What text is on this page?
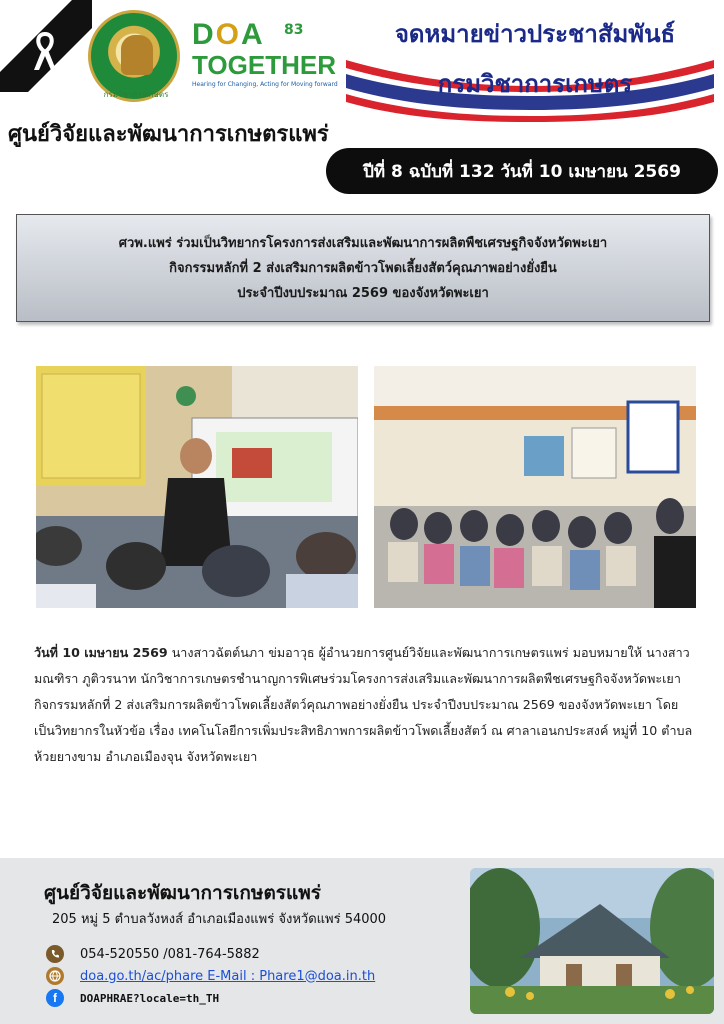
กรมวิชาการเกษตร
DOA	83
TOGETHER
Hearing for Changing, Acting for Moving forward
จดหมายข่าวประชาสัมพันธ์
กรมวิชาการเกษตร
ศูนย์วิจัยและพัฒนาการเกษตรแพร่
ปีที่ 8 ฉบับที่ 132 วันที่ 10 เมษายน 2569
ศวพ.แพร่ ร่วมเป็นวิทยากรโครงการส่งเสริมและพัฒนาการผลิตพืชเศรษฐกิจจังหวัดพะเยา
กิจกรรมหลักที่ 2 ส่งเสริมการผลิตข้าวโพดเลี้ยงสัตว์คุณภาพอย่างยั่งยืน
ประจำปีงบประมาณ 2569 ของจังหวัดพะเยา
วันที่ 10 เมษายน 2569 นางสาวฉัตต์นภา ข่มอาวุธ ผู้อำนวยการศูนย์วิจัยและพัฒนาการเกษตรแพร่ มอบหมายให้ นางสาวมณฑิรา ภูติวรนาท นักวิชาการเกษตรชำนาญการพิเศษร่วมโครงการส่งเสริมและพัฒนาการผลิตพืชเศรษฐกิจจังหวัดพะเยา กิจกรรมหลักที่ 2 ส่งเสริมการผลิตข้าวโพดเลี้ยงสัตว์คุณภาพอย่างยั่งยืน ประจำปีงบประมาณ 2569 ของจังหวัดพะเยา โดยเป็นวิทยากรในหัวข้อ เรื่อง เทคโนโลยีการเพิ่มประสิทธิภาพการผลิตข้าวโพดเลี้ยงสัตว์ ณ ศาลาเอนกประสงค์ หมู่ที่ 10 ตำบลห้วยยางขาม อำเภอเมืองจุน จังหวัดพะเยา
ศูนย์วิจัยและพัฒนาการเกษตรแพร่
205 หมู่ 5 ตำบลวังหงส์ อำเภอเมืองแพร่ จังหวัดแพร่ 54000
054-520550 /081-764-5882
doa.go.th/ac/phare E-Mail : Phare1@doa.in.th
f DOAPHRAE?locale=th_TH
